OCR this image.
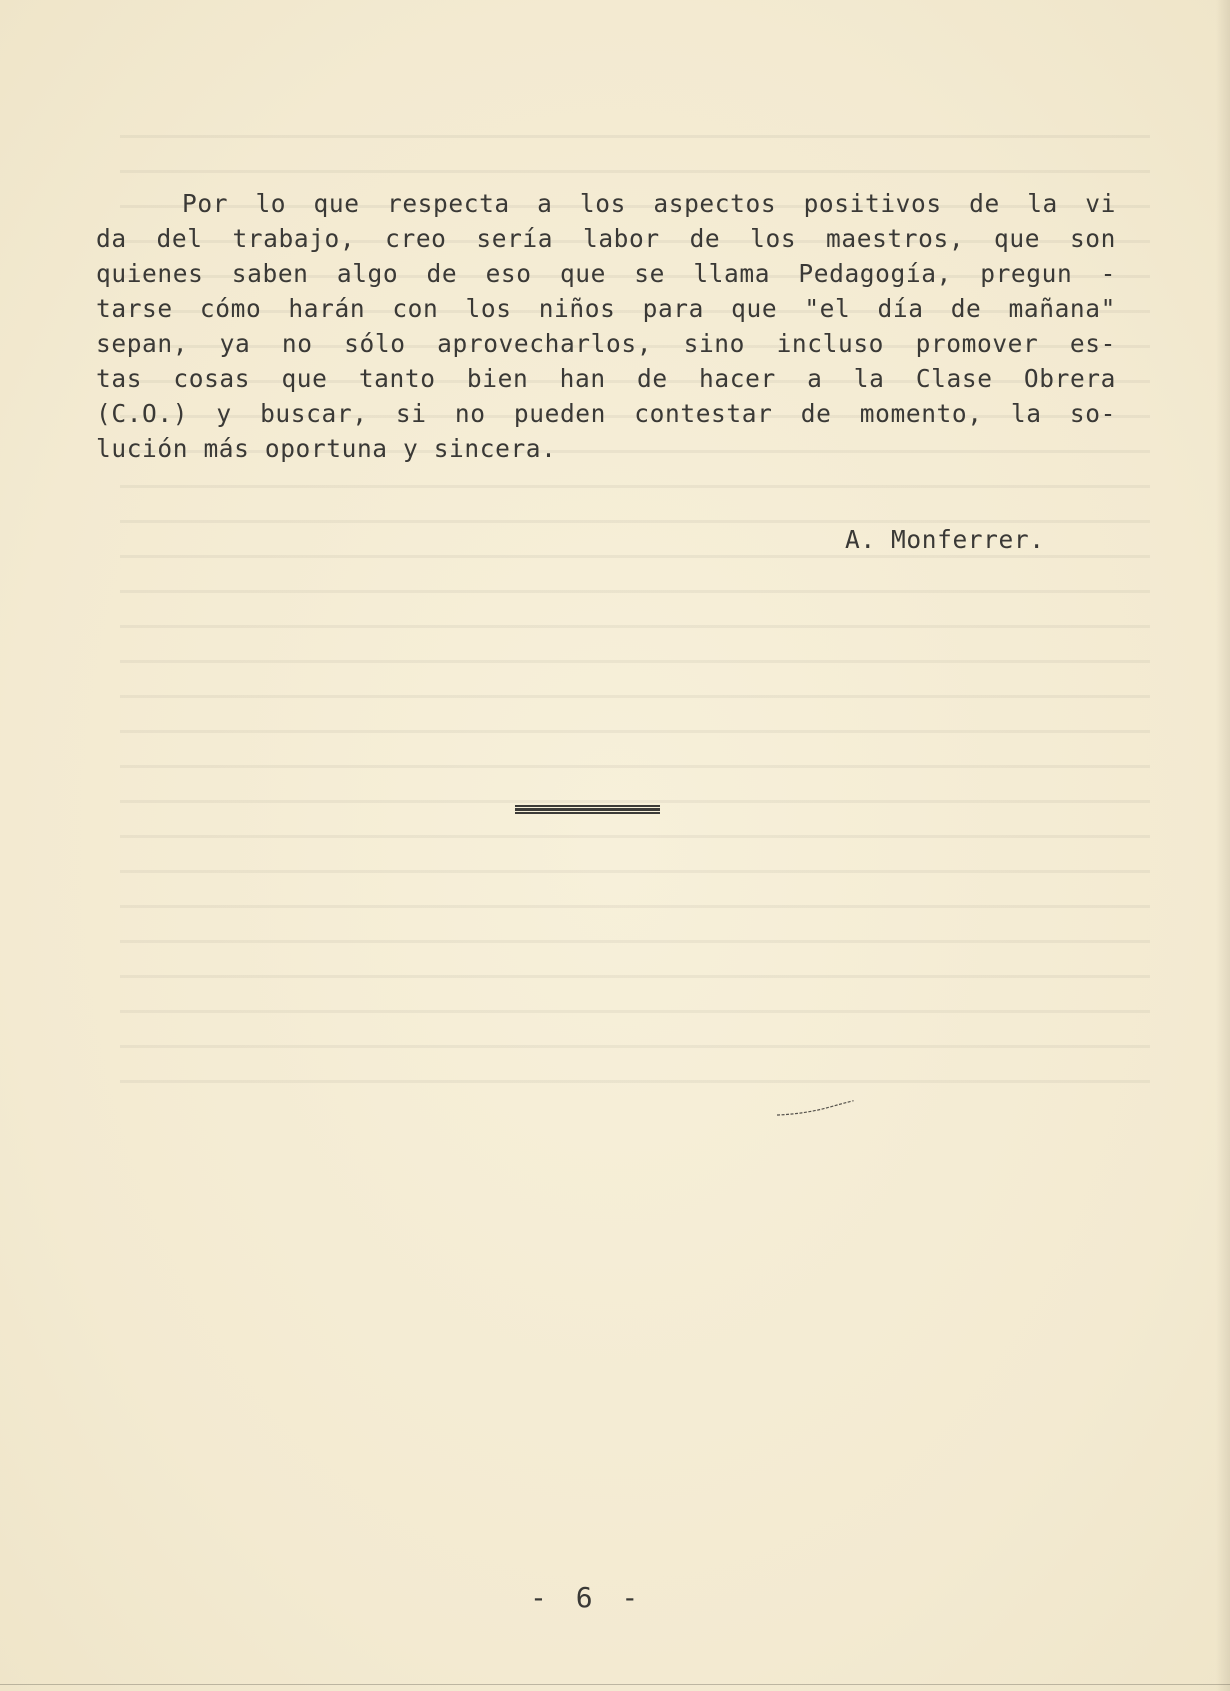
Por lo que respecta a los aspectos positivos de la vi
da del trabajo, creo sería labor de los maestros, que son
quienes saben algo de eso que se llama Pedagogía, pregun -
tarse cómo harán con los niños para que "el día de mañana"
sepan, ya no sólo aprovecharlos, sino incluso promover es-
tas cosas que tanto bien han de hacer a la Clase Obrera
(C.O.) y buscar, si no pueden contestar de momento, la so-
lución más oportuna y sincera.

A. Monferrer.
- 6 -
